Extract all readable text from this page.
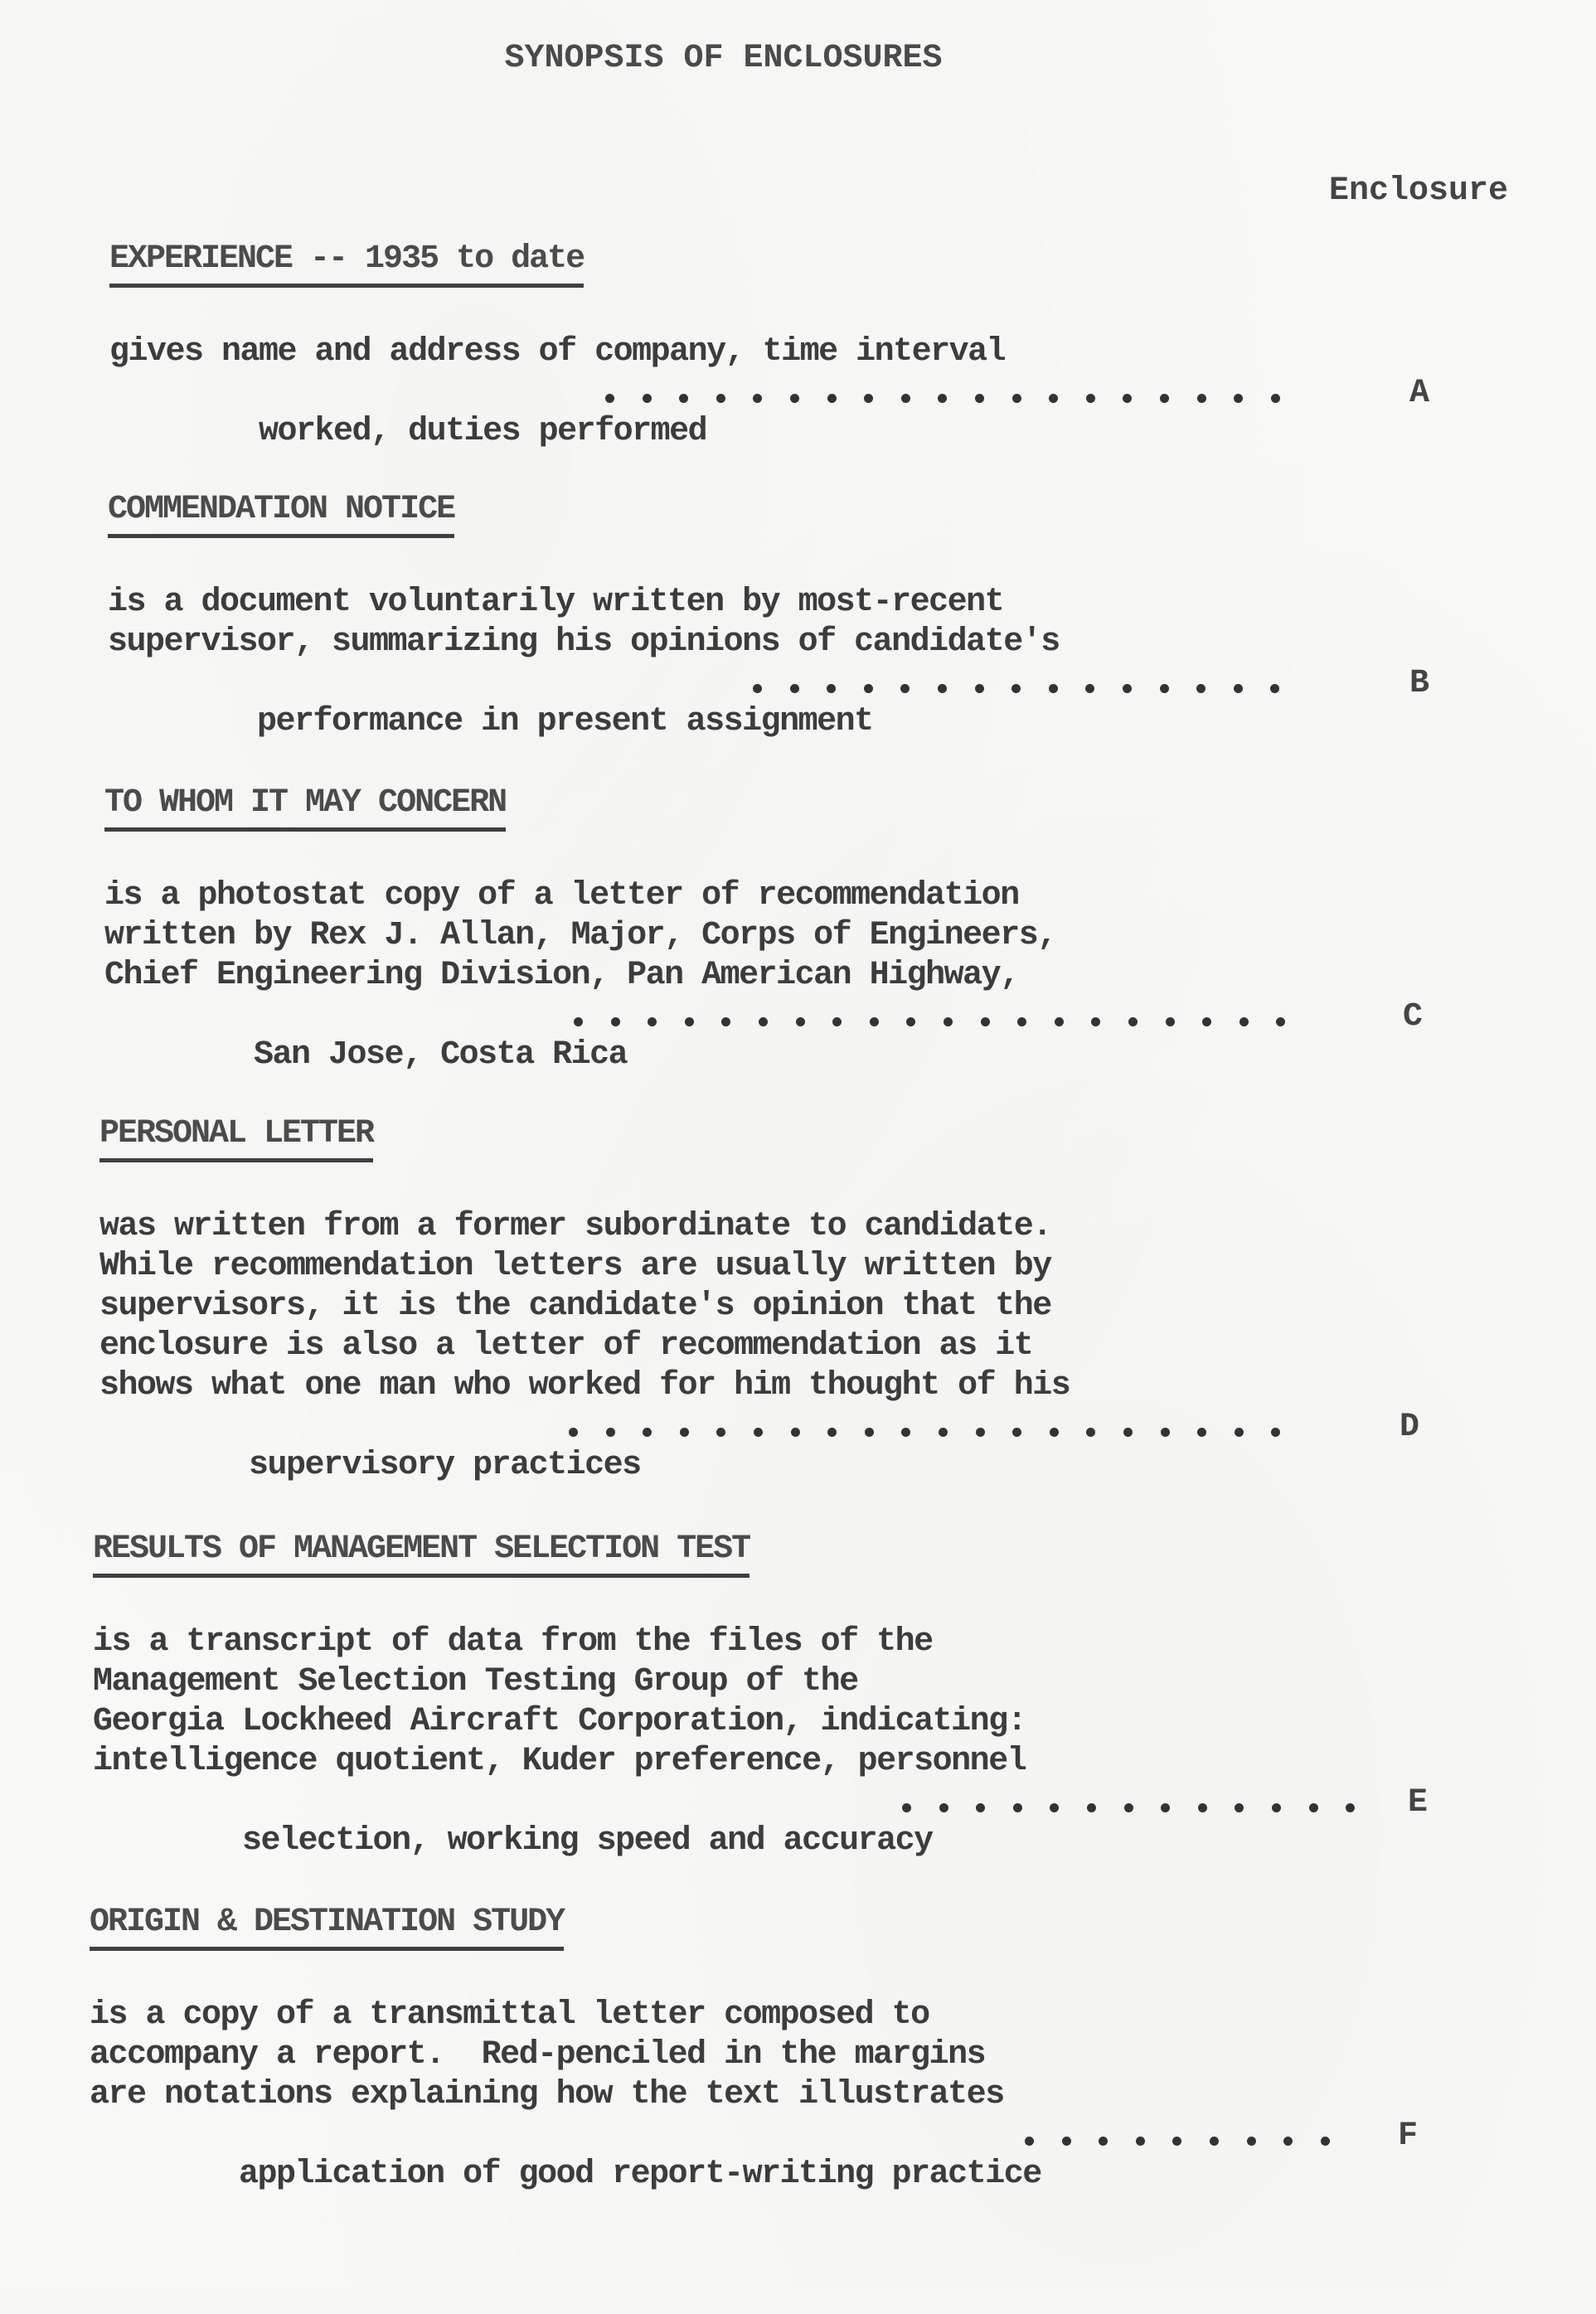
SYNOPSIS OF ENCLOSURES
Enclosure
EXPERIENCE -- 1935 to date
gives name and address of company, time interval

worked, duties performed

A

COMMENDATION NOTICE
is a document voluntarily written by most-recent
supervisor, summarizing his opinions of candidate's

performance in present assignment

B

TO WHOM IT MAY CONCERN
is a photostat copy of a letter of recommendation
written by Rex J. Allan, Major, Corps of Engineers,
Chief Engineering Division, Pan American Highway,

San Jose, Costa Rica

C

PERSONAL LETTER
was written from a former subordinate to candidate.
While recommendation letters are usually written by
supervisors, it is the candidate's opinion that the
enclosure is also a letter of recommendation as it
shows what one man who worked for him thought of his

supervisory practices

D

RESULTS OF MANAGEMENT SELECTION TEST
is a transcript of data from the files of the
Management Selection Testing Group of the
Georgia Lockheed Aircraft Corporation, indicating:
intelligence quotient, Kuder preference, personnel

selection, working speed and accuracy

E

ORIGIN & DESTINATION STUDY
is a copy of a transmittal letter composed to
accompany a report.  Red-penciled in the margins
are notations explaining how the text illustrates

application of good report-writing practice

F
